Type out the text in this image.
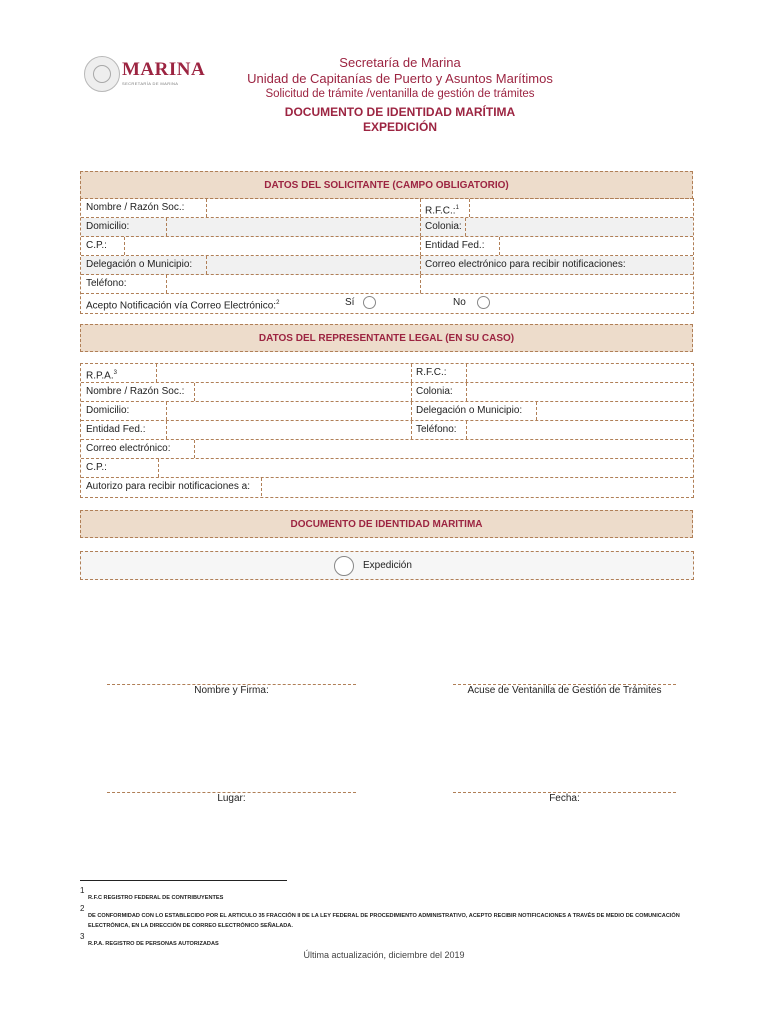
MARINA
SECRETARÍA DE MARINA
Secretaría de Marina
Unidad de Capitanías de Puerto y Asuntos Marítimos
Solicitud de trámite /ventanilla de gestión de trámites
DOCUMENTO DE IDENTIDAD MARÍTIMA
EXPEDICIÓN
DATOS DEL SOLICITANTE (CAMPO OBLIGATORIO)
Nombre / Razón Soc.:	R.F.C.:$^1$
Domicilio:	Colonia:
C.P.:	Entidad Fed.:
Delegación o Municipio:	Correo electrónico para recibir notificaciones:
Teléfono:
Acepto Notificación vía Correo Electrónico:$^2$	Sí	No
DATOS DEL REPRESENTANTE LEGAL (EN SU CASO)
R.P.A.$^3$	R.F.C.:
Nombre / Razón Soc.:	Colonia:
Domicilio:	Delegación o Municipio:
Entidad Fed.:	Teléfono:
Correo electrónico:
C.P.:
Autorizo para recibir notificaciones a:
DOCUMENTO DE IDENTIDAD MARITIMA
Expedición
Nombre y Firma:	Acuse de Ventanilla de Gestión de Trámites
Lugar:	Fecha:
1
R.F.C REGISTRO FEDERAL DE CONTRIBUYENTES
2
DE CONFORMIDAD CON LO ESTABLECIDO POR EL ARTICULO 35 FRACCIÓN II DE LA LEY FEDERAL DE PROCEDIMIENTO ADMINISTRATIVO, ACEPTO RECIBIR NOTIFICACIONES A TRAVÉS DE MEDIO DE COMUNICACIÓN ELECTRÓNICA, EN LA DIRECCIÓN DE CORREO ELECTRÓNICO SEÑALADA.
3
R.P.A. REGISTRO DE PERSONAS AUTORIZADAS
Última actualización, diciembre del 2019
